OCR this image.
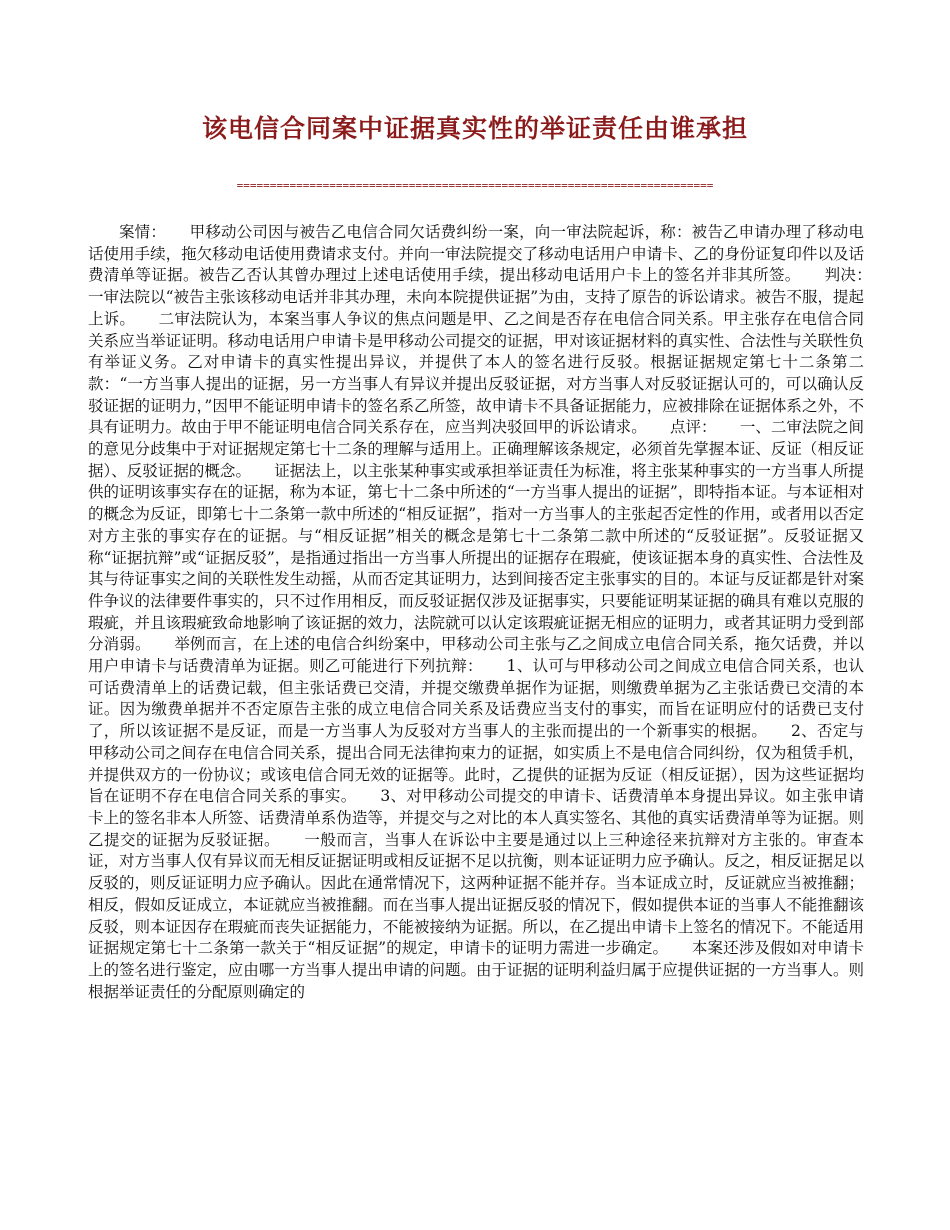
该电信合同案中证据真实性的举证责任由谁承担
========================================================================

案情：　　甲移动公司因与被告乙电信合同欠话费纠纷一案，向一审法院起诉，称：被告乙申请办理了移动电话使用手续，拖欠移动电话使用费请求支付。并向一审法院提交了移动电话用户申请卡、乙的身份证复印件以及话费清单等证据。被告乙否认其曾办理过上述电话使用手续，提出移动电话用户卡上的签名并非其所签。　　判决：　　一审法院以“被告主张该移动电话并非其办理，未向本院提供证据”为由，支持了原告的诉讼请求。被告不服，提起上诉。　　二审法院认为，本案当事人争议的焦点问题是甲、乙之间是否存在电信合同关系。甲主张存在电信合同关系应当举证证明。移动电话用户申请卡是甲移动公司提交的证据，甲对该证据材料的真实性、合法性与关联性负有举证义务。乙对申请卡的真实性提出异议，并提供了本人的签名进行反驳。根据证据规定第七十二条第二款：“一方当事人提出的证据，另一方当事人有异议并提出反驳证据，对方当事人对反驳证据认可的，可以确认反驳证据的证明力，”因甲不能证明申请卡的签名系乙所签，故申请卡不具备证据能力，应被排除在证据体系之外，不具有证明力。故由于甲不能证明电信合同关系存在，应当判决驳回甲的诉讼请求。　　点评：　　一、二审法院之间的意见分歧集中于对证据规定第七十二条的理解与适用上。正确理解该条规定，必须首先掌握本证、反证（相反证据）、反驳证据的概念。　　证据法上，以主张某种事实或承担举证责任为标准，将主张某种事实的一方当事人所提供的证明该事实存在的证据，称为本证，第七十二条中所述的“一方当事人提出的证据”，即特指本证。与本证相对的概念为反证，即第七十二条第一款中所述的“相反证据”，指对一方当事人的主张起否定性的作用，或者用以否定对方主张的事实存在的证据。与“相反证据”相关的概念是第七十二条第二款中所述的“反驳证据”。反驳证据又称“证据抗辩”或“证据反驳”，是指通过指出一方当事人所提出的证据存在瑕疵，使该证据本身的真实性、合法性及其与待证事实之间的关联性发生动摇，从而否定其证明力，达到间接否定主张事实的目的。本证与反证都是针对案件争议的法律要件事实的，只不过作用相反，而反驳证据仅涉及证据事实，只要能证明某证据的确具有难以克服的瑕疵，并且该瑕疵致命地影响了该证据的效力，法院就可以认定该瑕疵证据无相应的证明力，或者其证明力受到部分消弱。　　举例而言，在上述的电信合纠纷案中，甲移动公司主张与乙之间成立电信合同关系，拖欠话费，并以用户申请卡与话费清单为证据。则乙可能进行下列抗辩：　　1、认可与甲移动公司之间成立电信合同关系，也认可话费清单上的话费记载，但主张话费已交清，并提交缴费单据作为证据，则缴费单据为乙主张话费已交清的本证。因为缴费单据并不否定原告主张的成立电信合同关系及话费应当支付的事实，而旨在证明应付的话费已支付了，所以该证据不是反证，而是一方当事人为反驳对方当事人的主张而提出的一个新事实的根据。　　2、否定与甲移动公司之间存在电信合同关系，提出合同无法律拘束力的证据，如实质上不是电信合同纠纷，仅为租赁手机，并提供双方的一份协议；或该电信合同无效的证据等。此时，乙提供的证据为反证（相反证据），因为这些证据均旨在证明不存在电信合同关系的事实。　　3、对甲移动公司提交的申请卡、话费清单本身提出异议。如主张申请卡上的签名非本人所签、话费清单系伪造等，并提交与之对比的本人真实签名、其他的真实话费清单等为证据。则乙提交的证据为反驳证据。　　一般而言，当事人在诉讼中主要是通过以上三种途径来抗辩对方主张的。审查本证，对方当事人仅有异议而无相反证据证明或相反证据不足以抗衡，则本证证明力应予确认。反之，相反证据足以反驳的，则反证证明力应予确认。因此在通常情况下，这两种证据不能并存。当本证成立时，反证就应当被推翻；相反，假如反证成立，本证就应当被推翻。而在当事人提出证据反驳的情况下，假如提供本证的当事人不能推翻该反驳，则本证因存在瑕疵而丧失证据能力，不能被接纳为证据。所以，在乙提出申请卡上签名的情况下。不能适用证据规定第七十二条第一款关于“相反证据”的规定，申请卡的证明力需进一步确定。　　本案还涉及假如对申请卡上的签名进行鉴定，应由哪一方当事人提出申请的问题。由于证据的证明利益归属于应提供证据的一方当事人。则根据举证责任的分配原则确定的
